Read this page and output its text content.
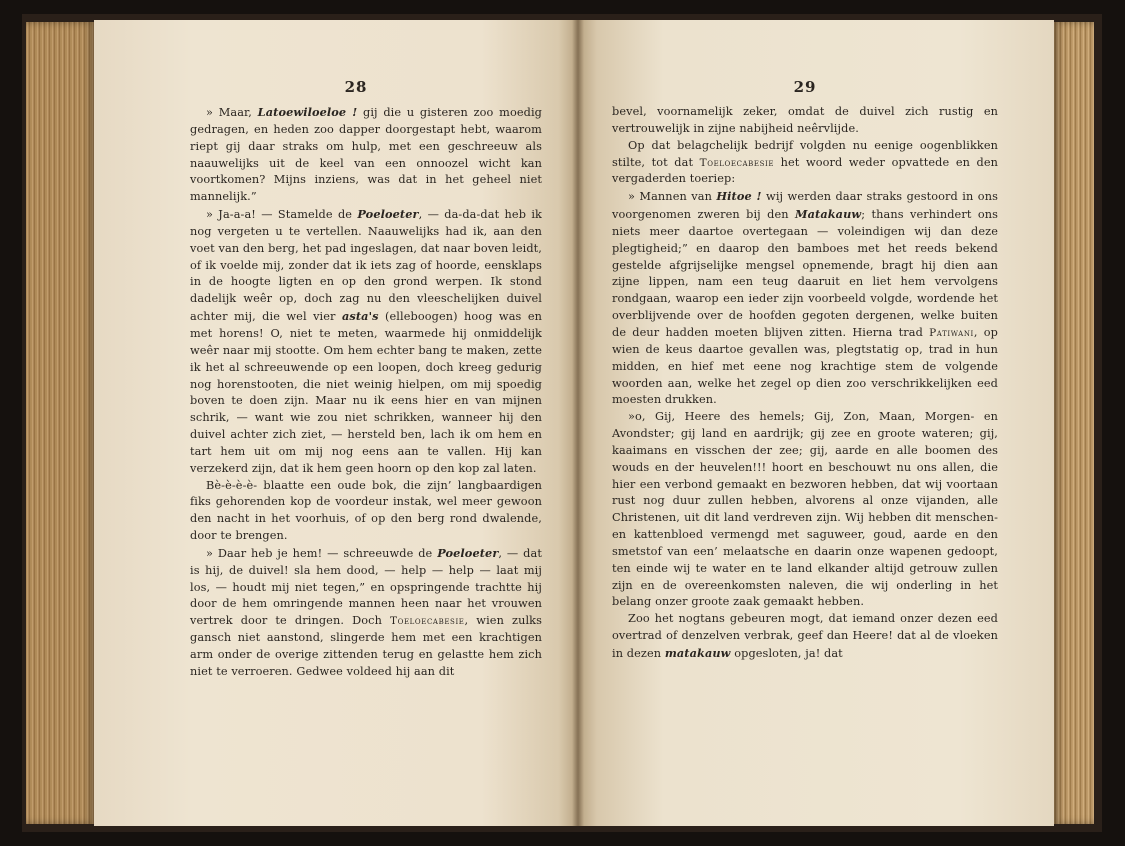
28

» Maar, Latoewiloeloe ! gij die u gisteren zoo moedig gedragen, en heden zoo dapper doorgestapt hebt, waarom riept gij daar straks om hulp, met een geschreeuw als naauwelijks uit de keel van een onnoozel wicht kan voortkomen? Mijns inziens, was dat in het geheel niet mannelijk.”

» Ja-a-a! — Stamelde de Poeloeter, — da-da-dat heb ik nog vergeten u te vertellen. Naauwelijks had ik, aan den voet van den berg, het pad ingeslagen, dat naar boven leidt, of ik voelde mij, zonder dat ik iets zag of hoorde, eensklaps in de hoogte ligten en op den grond werpen. Ik stond dadelijk weêr op, doch zag nu den vleeschelijken duivel achter mij, die wel vier asta's (elleboogen) hoog was en met horens! O, niet te meten, waarmede hij onmiddelijk weêr naar mij stootte. Om hem echter bang te maken, zette ik het al schreeuwende op een loopen, doch kreeg gedurig nog horenstooten, die niet weinig hielpen, om mij spoedig boven te doen zijn. Maar nu ik eens hier en van mijnen schrik, — want wie zou niet schrikken, wanneer hij den duivel achter zich ziet, — hersteld ben, lach ik om hem en tart hem uit om mij nog eens aan te vallen. Hij kan verzekerd zijn, dat ik hem geen hoorn op den kop zal laten.

Bè-è-è-è- blaatte een oude bok, die zijn’ langbaardigen fiks gehorenden kop de voordeur instak, wel meer gewoon den nacht in het voorhuis, of op den berg rond dwalende, door te brengen.

» Daar heb je hem! — schreeuwde de Poeloeter, — dat is hij, de duivel! sla hem dood, — help — help — laat mij los, — houdt mij niet tegen,” en opspringende trachtte hij door de hem omringende mannen heen naar het vrouwen vertrek door te dringen. Doch Toeloecabesie, wien zulks gansch niet aanstond, slingerde hem met een krachtigen arm onder de overige zittenden terug en gelastte hem zich niet te verroeren. Gedwee voldeed hij aan dit

29

bevel, voornamelijk zeker, omdat de duivel zich rustig en vertrouwelijk in zijne nabijheid neêrvlijde.

Op dat belagchelijk bedrijf volgden nu eenige oogenblikken stilte, tot dat Toeloecabesie het woord weder opvattede en den vergaderden toeriep:

» Mannen van Hitoe ! wij werden daar straks gestoord in ons voorgenomen zweren bij den Matakauw; thans verhindert ons niets meer daartoe overtegaan — voleindigen wij dan deze plegtigheid;” en daarop den bamboes met het reeds bekend gestelde afgrijselijke mengsel opnemende, bragt hij dien aan zijne lippen, nam een teug daaruit en liet hem vervolgens rondgaan, waarop een ieder zijn voorbeeld volgde, wordende het overblijvende over de hoofden gegoten dergenen, welke buiten de deur hadden moeten blijven zitten. Hierna trad Patiwani, op wien de keus daartoe gevallen was, plegtstatig op, trad in hun midden, en hief met eene nog krachtige stem de volgende woorden aan, welke het zegel op dien zoo verschrikkelijken eed moesten drukken.

»o, Gij, Heere des hemels; Gij, Zon, Maan, Morgen- en Avondster; gij land en aardrijk; gij zee en groote wateren; gij, kaaimans en visschen der zee; gij, aarde en alle boomen des wouds en der heuvelen!!! hoort en beschouwt nu ons allen, die hier een verbond gemaakt en bezworen hebben, dat wij voortaan rust nog duur zullen hebben, alvorens al onze vijanden, alle Christenen, uit dit land verdreven zijn. Wij hebben dit menschen- en kattenbloed vermengd met saguweer, goud, aarde en den smetstof van een’ melaatsche en daarin onze wapenen gedoopt, ten einde wij te water en te land elkander altijd getrouw zullen zijn en de overeenkomsten naleven, die wij onderling in het belang onzer groote zaak gemaakt hebben.

Zoo het nogtans gebeuren mogt, dat iemand onzer dezen eed overtrad of denzelven verbrak, geef dan Heere! dat al de vloeken in dezen matakauw opgesloten, ja! dat
